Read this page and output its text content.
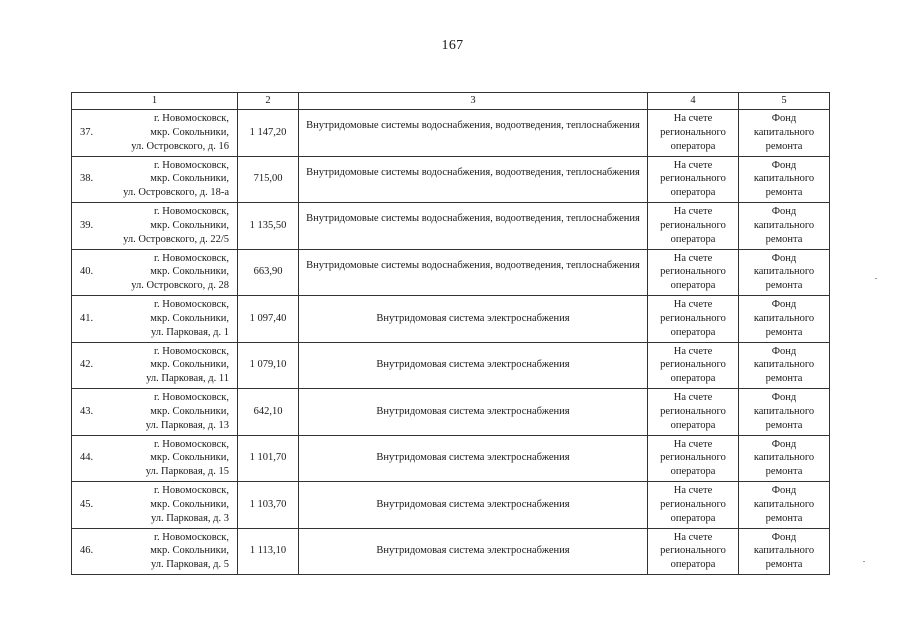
167
1	2	3	4	5

37.
г. Новомосковск,
мкр. Сокольники,
ул. Островского, д. 16	1 147,20	Внутридомовые системы водоснабжения, водоотведения, теплоснабжения	На счете
регионального
оператора	Фонд
капитального
ремонта

38.
г. Новомосковск,
мкр. Сокольники,
ул. Островского, д. 18-а	715,00	Внутридомовые системы водоснабжения, водоотведения, теплоснабжения	На счете
регионального
оператора	Фонд
капитального
ремонта

39.
г. Новомосковск,
мкр. Сокольники,
ул. Островского, д. 22/5	1 135,50	Внутридомовые системы водоснабжения, водоотведения, теплоснабжения	На счете
регионального
оператора	Фонд
капитального
ремонта

40.
г. Новомосковск,
мкр. Сокольники,
ул. Островского, д. 28	663,90	Внутридомовые системы водоснабжения, водоотведения, теплоснабжения	На счете
регионального
оператора	Фонд
капитального
ремонта

41.
г. Новомосковск,
мкр. Сокольники,
ул. Парковая, д. 1	1 097,40	Внутридомовая система электроснабжения	На счете
регионального
оператора	Фонд
капитального
ремонта

42.
г. Новомосковск,
мкр. Сокольники,
ул. Парковая, д. 11	1 079,10	Внутридомовая система электроснабжения	На счете
регионального
оператора	Фонд
капитального
ремонта

43.
г. Новомосковск,
мкр. Сокольники,
ул. Парковая, д. 13	642,10	Внутридомовая система электроснабжения	На счете
регионального
оператора	Фонд
капитального
ремонта

44.
г. Новомосковск,
мкр. Сокольники,
ул. Парковая, д. 15	1 101,70	Внутридомовая система электроснабжения	На счете
регионального
оператора	Фонд
капитального
ремонта

45.
г. Новомосковск,
мкр. Сокольники,
ул. Парковая, д. 3	1 103,70	Внутридомовая система электроснабжения	На счете
регионального
оператора	Фонд
капитального
ремонта

46.
г. Новомосковск,
мкр. Сокольники,
ул. Парковая, д. 5	1 113,10	Внутридомовая система электроснабжения	На счете
регионального
оператора	Фонд
капитального
ремонта
